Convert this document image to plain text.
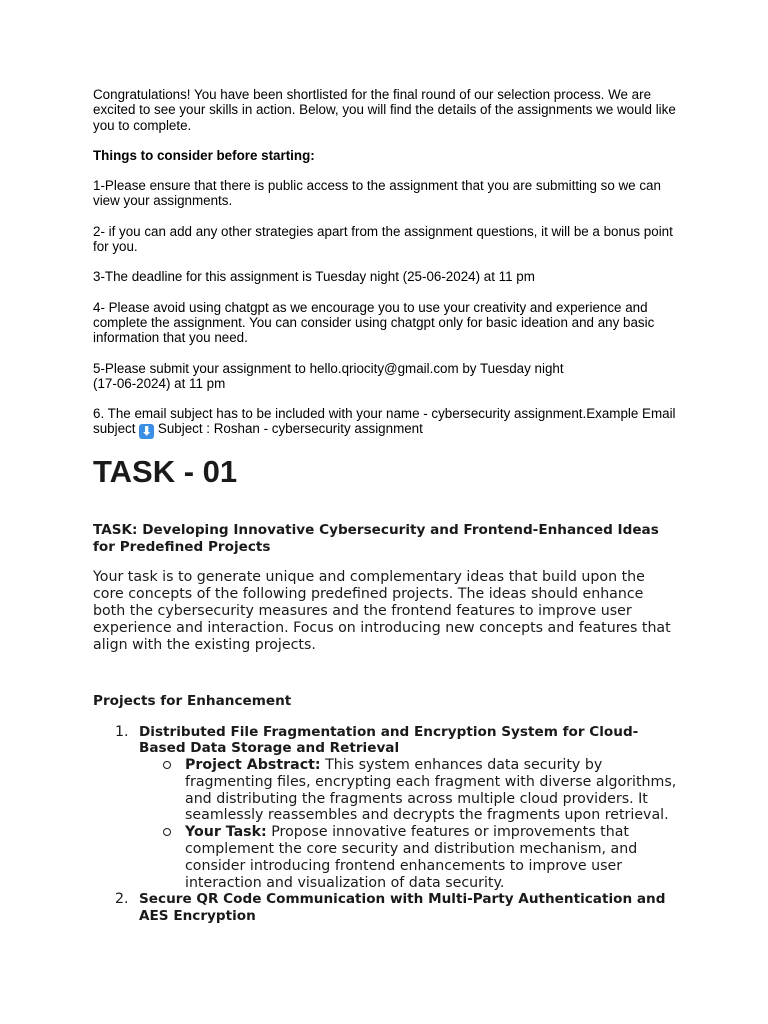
Congratulations! You have been shortlisted for the final round of our selection process. We are excited to see your skills in action. Below, you will find the details of the assignments we would like you to complete.

Things to consider before starting:

1-Please ensure that there is public access to the assignment that you are submitting so we can view your assignments.

2- if you can add any other strategies apart from the assignment questions, it will be a bonus point for you.

3-The deadline for this assignment is Tuesday night (25-06-2024) at 11 pm

4- Please avoid using chatgpt as we encourage you to use your creativity and experience and complete the assignment. You can consider using chatgpt only for basic ideation and any basic information that you need.

5-Please submit your assignment to hello.qriocity@gmail.com by Tuesday night
(17-06-2024) at 11 pm

6. The email subject has to be included with your name - cybersecurity assignment.Example Email subject ⬇ Subject : Roshan - cybersecurity assignment

TASK - 01

TASK: Developing Innovative Cybersecurity and Frontend-Enhanced Ideas for Predefined Projects

Your task is to generate unique and complementary ideas that build upon the core concepts of the following predefined projects. The ideas should enhance both the cybersecurity measures and the frontend features to improve user experience and interaction. Focus on introducing new concepts and features that align with the existing projects.

Projects for Enhancement

1. Distributed File Fragmentation and Encryption System for Cloud-Based Data Storage and Retrieval

Project Abstract: This system enhances data security by fragmenting files, encrypting each fragment with diverse algorithms, and distributing the fragments across multiple cloud providers. It seamlessly reassembles and decrypts the fragments upon retrieval.

Your Task: Propose innovative features or improvements that complement the core security and distribution mechanism, and consider introducing frontend enhancements to improve user interaction and visualization of data security.

2. Secure QR Code Communication with Multi-Party Authentication and AES Encryption
